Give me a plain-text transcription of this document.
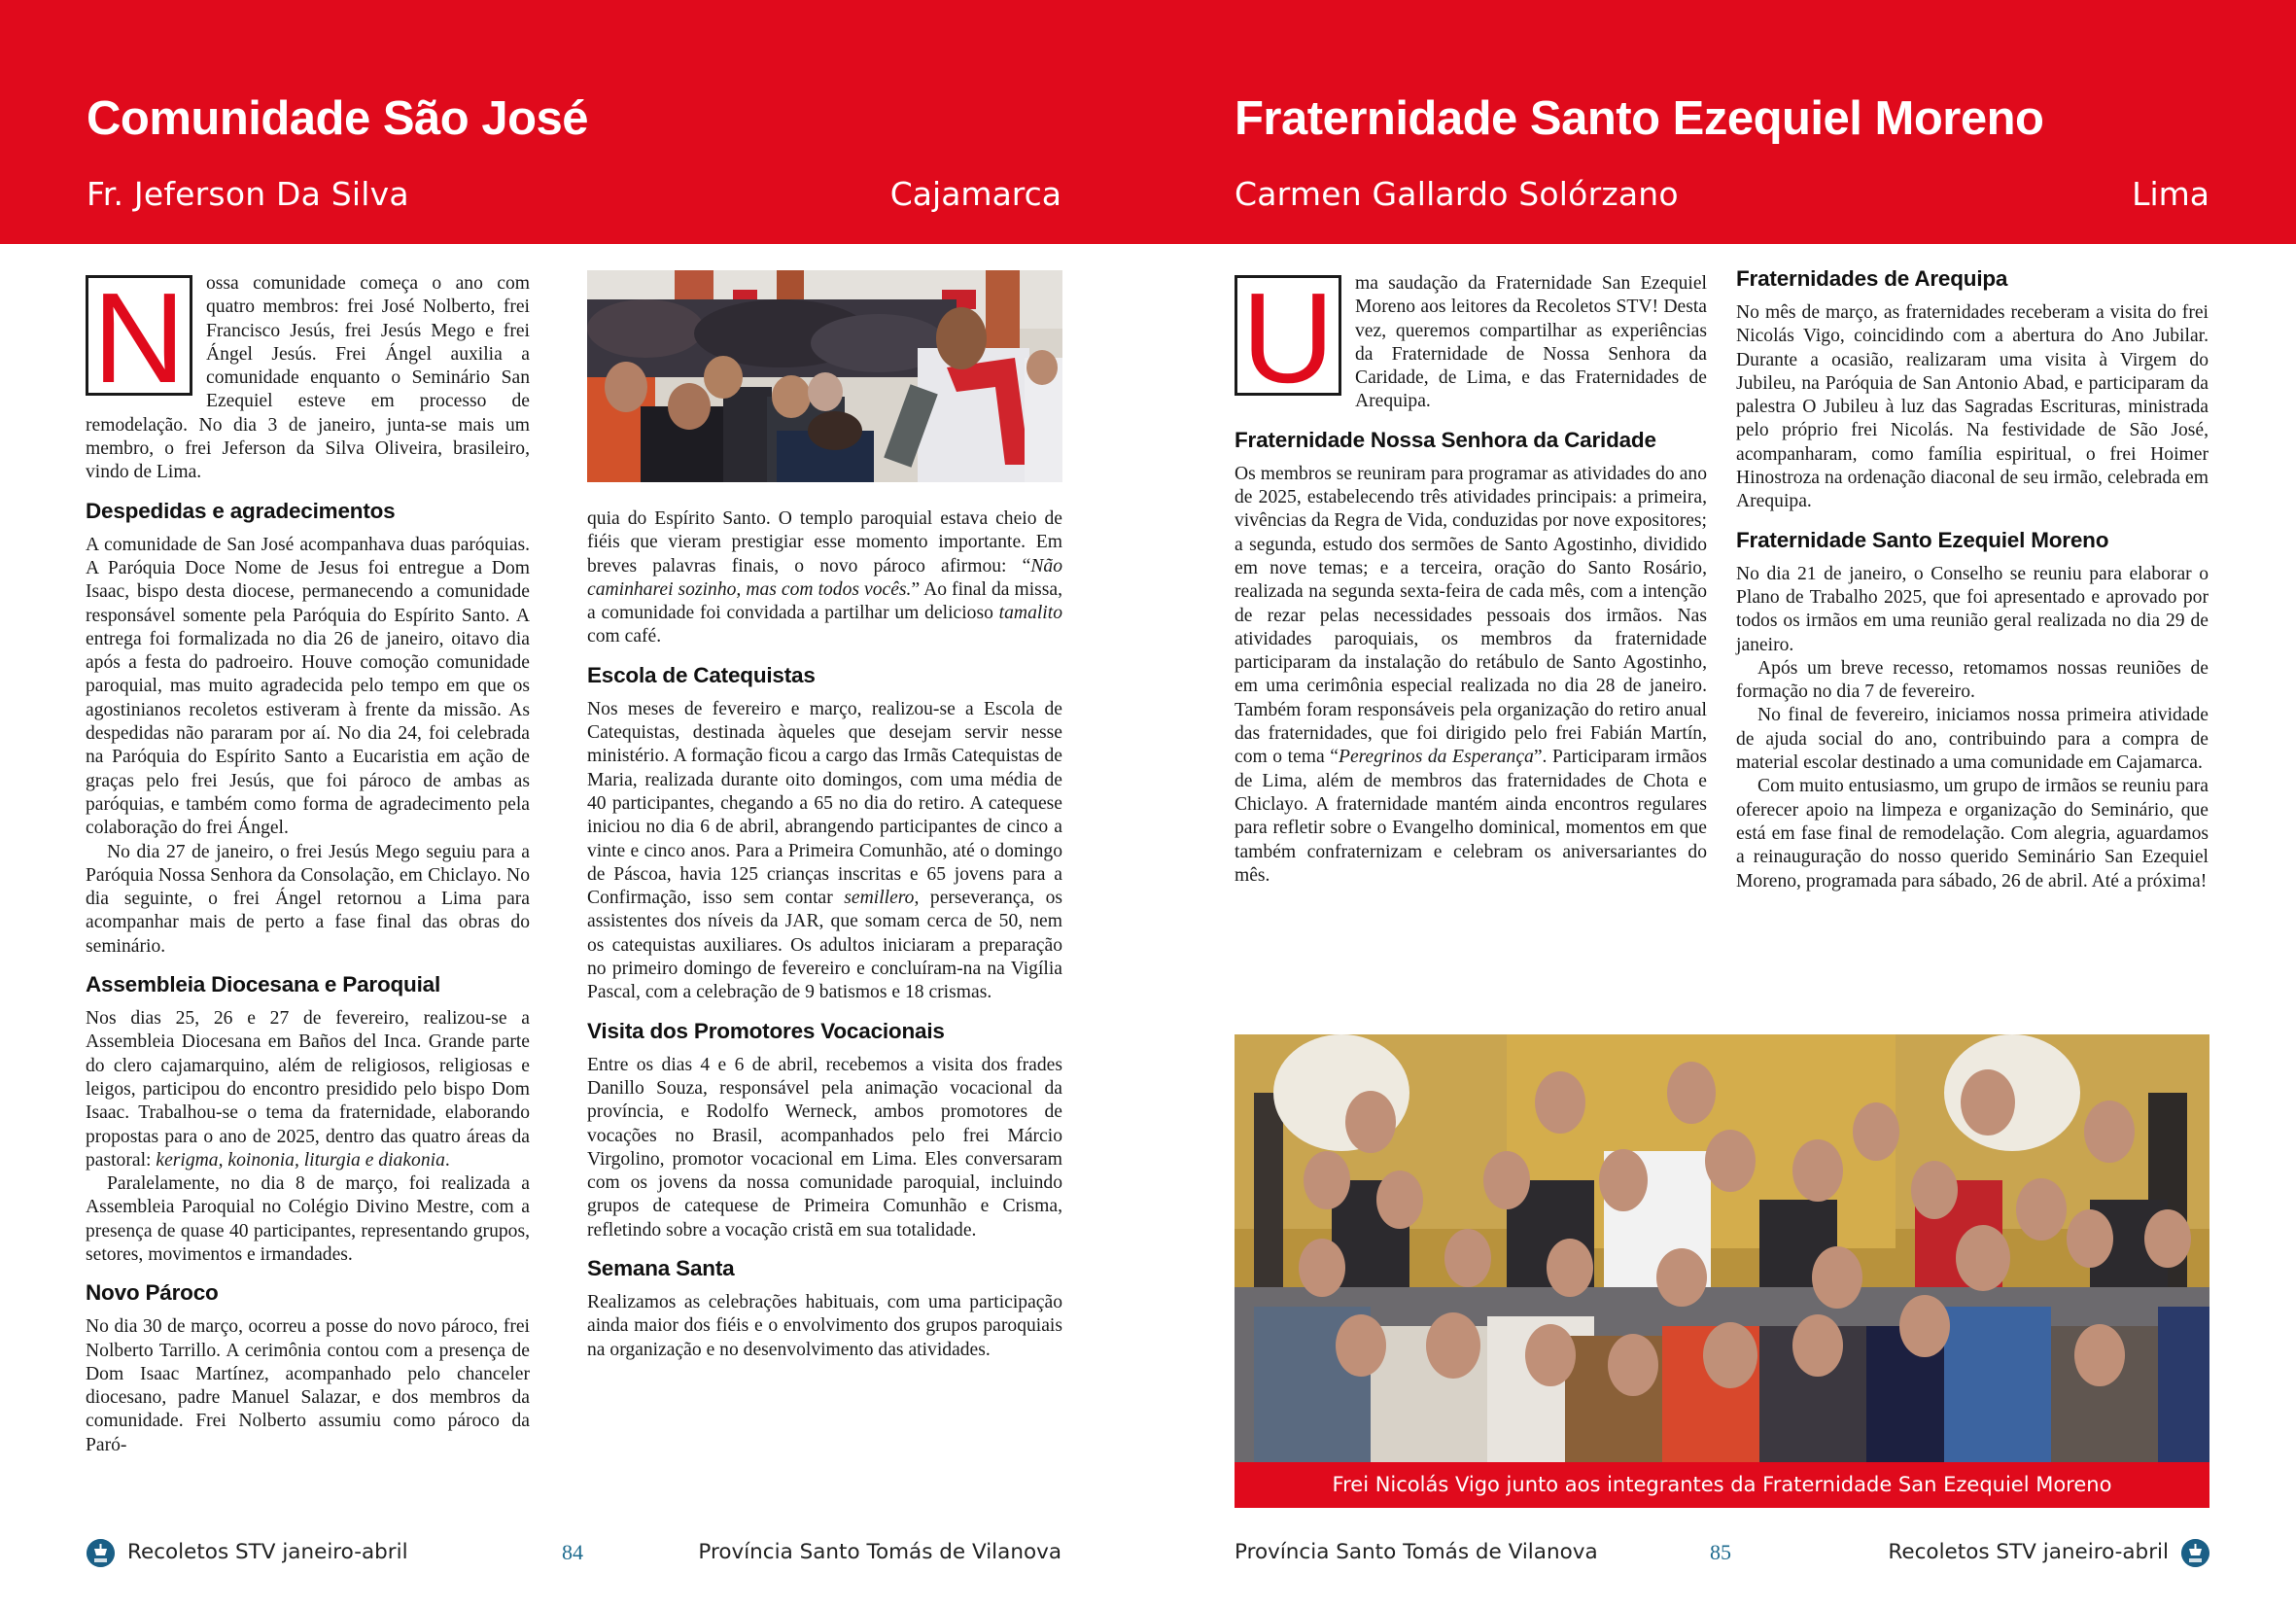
Comunidade São José
Fr. Jeferson Da Silva	Cajamarca
N	ossa comunidade começa o ano com quatro membros: frei José Nolberto, frei Francisco Jesús, frei Jesús Mego e frei Ángel Jesús. Frei Ángel auxilia a comunidade enquanto o Seminário San Ezequiel esteve em processo de remodelação. No dia 3 de janeiro, junta-se mais um membro, o frei Jeferson da Silva Oliveira, brasileiro, vindo de Lima.

Despedidas e agradecimentos

A comunidade de San José acompanhava duas paróquias. A Paróquia Doce Nome de Jesus foi entregue a Dom Isaac, bispo desta diocese, permanecendo a comunidade responsável somente pela Paróquia do Espírito Santo. A entrega foi formalizada no dia 26 de janeiro, oitavo dia após a festa do padroeiro. Houve comoção comunidade paroquial, mas muito agradecida pelo tempo em que os agostinianos recoletos estiveram à frente da missão. As despedidas não pararam por aí. No dia 24, foi celebrada na Paróquia do Espírito Santo a Eucaristia em ação de graças pelo frei Jesús, que foi pároco de ambas as paróquias, e também como forma de agradecimento pela colaboração do frei Ángel.

No dia 27 de janeiro, o frei Jesús Mego seguiu para a Paróquia Nossa Senhora da Consolação, em Chiclayo. No dia seguinte, o frei Ángel retornou a Lima para acompanhar mais de perto a fase final das obras do seminário.

Assembleia Diocesana e Paroquial

Nos dias 25, 26 e 27 de fevereiro, realizou-se a Assembleia Diocesana em Baños del Inca. Grande parte do clero cajamarquino, além de religiosos, religiosas e leigos, participou do encontro presidido pelo bispo Dom Isaac. Trabalhou-se o tema da fraternidade, elaborando propostas para o ano de 2025, dentro das quatro áreas da pastoral: kerigma, koinonia, liturgia e diakonia.

Paralelamente, no dia 8 de março, foi realizada a Assembleia Paroquial no Colégio Divino Mestre, com a presença de quase 40 participantes, representando grupos, setores, movimentos e irmandades.

Novo Pároco

No dia 30 de março, ocorreu a posse do novo pároco, frei Nolberto Tarrillo. A cerimônia contou com a presença de Dom Isaac Martínez, acompanhado pelo chanceler diocesano, padre Manuel Salazar, e dos membros da comunidade. Frei Nolberto assumiu como pároco da Paró-

quia do Espírito Santo. O templo paroquial estava cheio de fiéis que vieram prestigiar esse momento importante. Em breves palavras finais, o novo pároco afirmou: “Não caminharei sozinho, mas com todos vocês.” Ao final da missa, a comunidade foi convidada a partilhar um delicioso tamalito com café.

Escola de Catequistas

Nos meses de fevereiro e março, realizou-se a Escola de Catequistas, destinada àqueles que desejam servir nesse ministério. A formação ficou a cargo das Irmãs Catequistas de Maria, realizada durante oito domingos, com uma média de 40 participantes, chegando a 65 no dia do retiro. A catequese iniciou no dia 6 de abril, abrangendo participantes de cinco a vinte e cinco anos. Para a Primeira Comunhão, até o domingo de Páscoa, havia 125 crianças inscritas e 65 jovens para a Confirmação, isso sem contar semillero, perseverança, os assistentes dos níveis da JAR, que somam cerca de 50, nem os catequistas auxiliares. Os adultos iniciaram a preparação no primeiro domingo de fevereiro e concluíram-na na Vigília Pascal, com a celebração de 9 batismos e 18 crismas.

Visita dos Promotores Vocacionais

Entre os dias 4 e 6 de abril, recebemos a visita dos frades Danillo Souza, responsável pela animação vocacional da província, e Rodolfo Werneck, ambos promotores de vocações no Brasil, acompanhados pelo frei Márcio Virgolino, promotor vocacional em Lima. Eles conversaram com os jovens da nossa comunidade paroquial, incluindo grupos de catequese de Primeira Comunhão e Crisma, refletindo sobre a vocação cristã em sua totalidade.

Semana Santa

Realizamos as celebrações habituais, com uma participação ainda maior dos fiéis e o envolvimento dos grupos paroquiais na organização e no desenvolvimento das atividades.

Recoletos STV janeiro-abril	84	Província Santo Tomás de Vilanova
Fraternidade Santo Ezequiel Moreno
Carmen Gallardo Solórzano	Lima
U	ma saudação da Fraternidade San Ezequiel Moreno aos leitores da Recoletos STV! Desta vez, queremos compartilhar as experiências da Fraternidade de Nossa Senhora da Caridade, de Lima, e das Fraternidades de Arequipa.

Fraternidade Nossa Senhora da Caridade

Os membros se reuniram para programar as atividades do ano de 2025, estabelecendo três atividades principais: a primeira, vivências da Regra de Vida, conduzidas por nove expositores; a segunda, estudo dos sermões de Santo Agostinho, dividido em nove temas; e a terceira, oração do Santo Rosário, realizada na segunda sexta-feira de cada mês, com a intenção de rezar pelas necessidades pessoais dos irmãos. Nas atividades paroquiais, os membros da fraternidade participaram da instalação do retábulo de Santo Agostinho, em uma cerimônia especial realizada no dia 28 de janeiro. Também foram responsáveis pela organização do retiro anual das fraternidades, que foi dirigido pelo frei Fabián Martín, com o tema “Peregrinos da Esperança”. Participaram irmãos de Lima, além de membros das fraternidades de Chota e Chiclayo. A fraternidade mantém ainda encontros regulares para refletir sobre o Evangelho dominical, momentos em que também confraternizam e celebram os aniversariantes do mês.

Fraternidades de Arequipa

No mês de março, as fraternidades receberam a visita do frei Nicolás Vigo, coincidindo com a abertura do Ano Jubilar. Durante a ocasião, realizaram uma visita à Virgem do Jubileu, na Paróquia de San Antonio Abad, e participaram da palestra O Jubileu à luz das Sagradas Escrituras, ministrada pelo próprio frei Nicolás. Na festividade de São José, acompanharam, como família espiritual, o frei Hoimer Hinostroza na ordenação diaconal de seu irmão, celebrada em Arequipa.

Fraternidade Santo Ezequiel Moreno

No dia 21 de janeiro, o Conselho se reuniu para elaborar o Plano de Trabalho 2025, que foi apresentado e aprovado por todos os irmãos em uma reunião geral realizada no dia 29 de janeiro.

Após um breve recesso, retomamos nossas reuniões de formação no dia 7 de fevereiro.

No final de fevereiro, iniciamos nossa primeira atividade de ajuda social do ano, contribuindo para a compra de material escolar destinado a uma comunidade em Cajamarca.

Com muito entusiasmo, um grupo de irmãos se reuniu para oferecer apoio na limpeza e organização do Seminário, que está em fase final de remodelação. Com alegria, aguardamos a reinauguração do nosso querido Seminário San Ezequiel Moreno, programada para sábado, 26 de abril. Até a próxima!

Frei Nicolás Vigo junto aos integrantes da Fraternidade San Ezequiel Moreno
Província Santo Tomás de Vilanova	85	Recoletos STV janeiro-abril
